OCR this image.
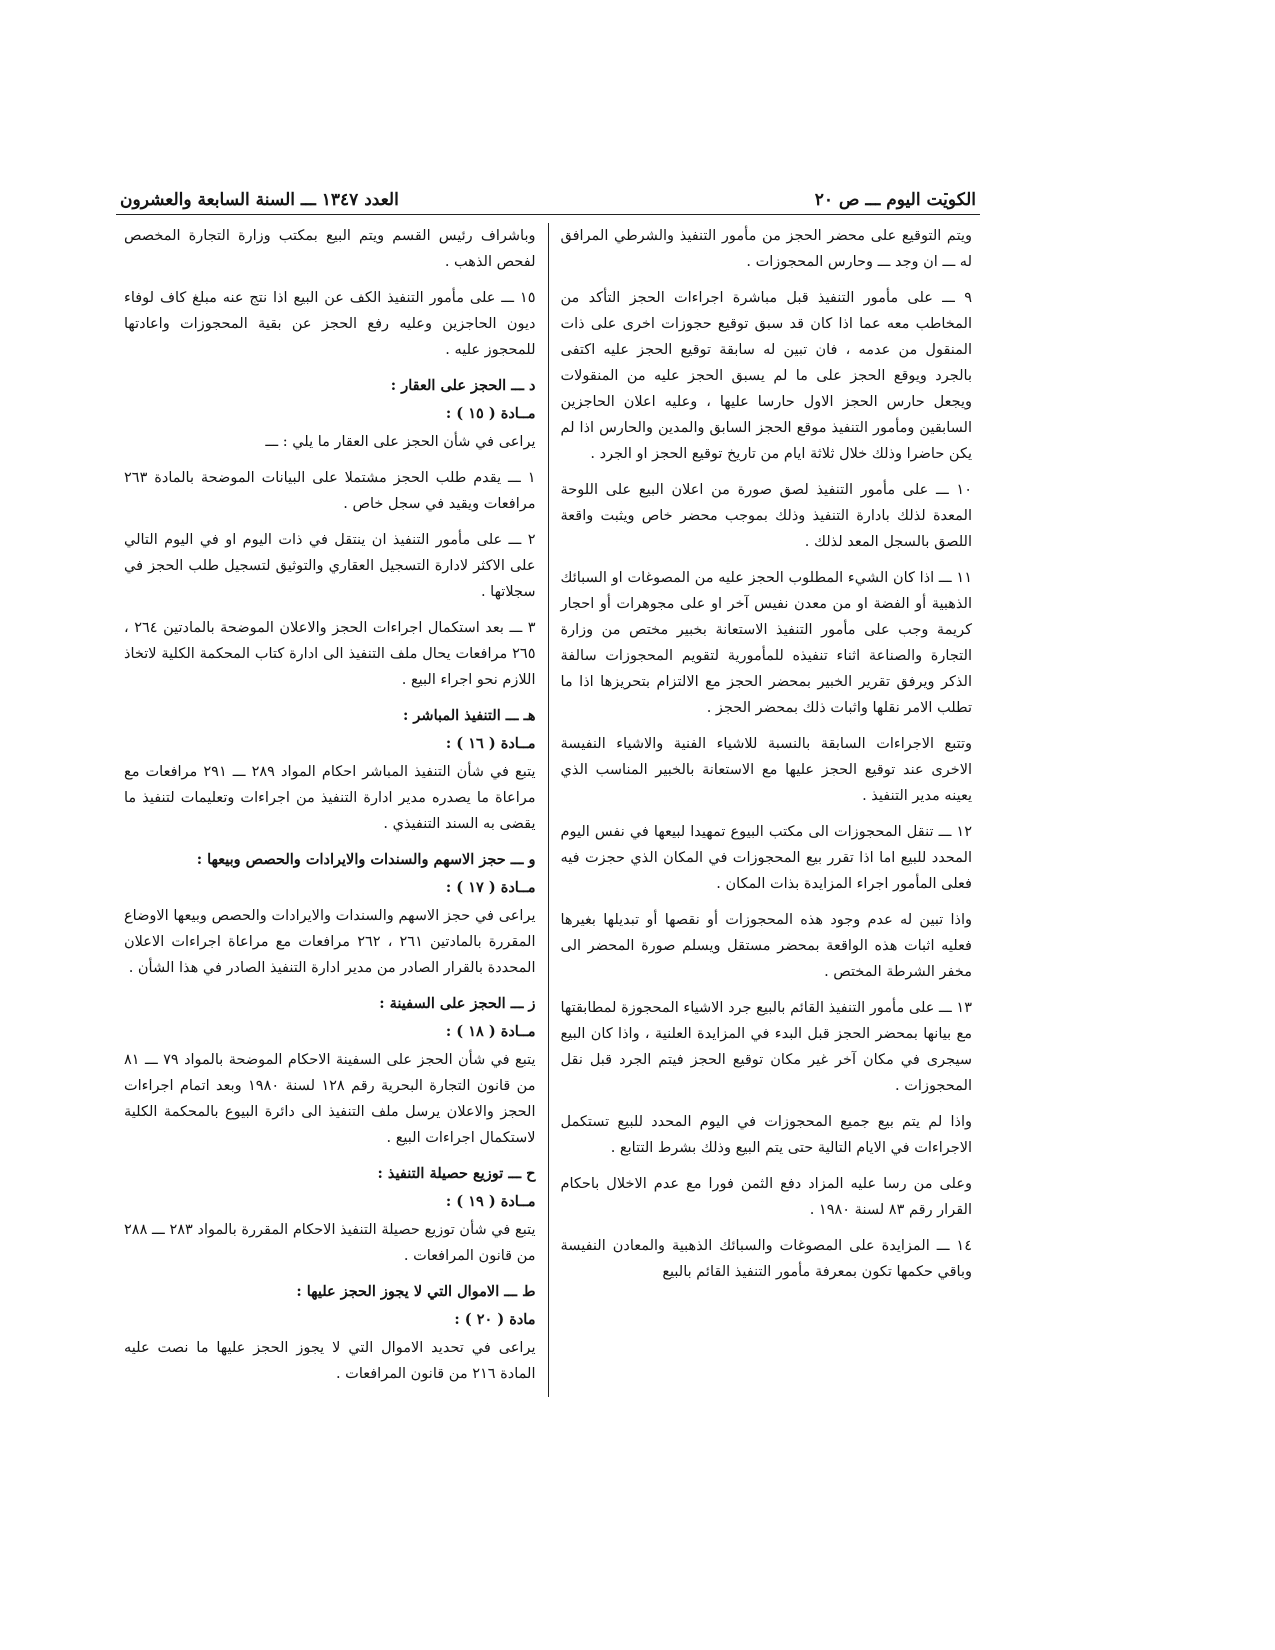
الكويت اليوم ـــ ص ٢٠
العدد ١٣٤٧ ـــ السنة السابعة والعشرون

ويتم التوقيع على محضر الحجز من مأمور التنفيذ والشرطي المرافق له ـــ ان وجد ـــ وحارس المحجوزات .

٩ ـــ على مأمور التنفيذ قبل مباشرة اجراءات الحجز التأكد من المخاطب معه عما اذا كان قد سبق توقيع حجوزات اخرى على ذات المنقول من عدمه ، فان تبين له سابقة توقيع الحجز عليه اكتفى بالجرد ويوقع الحجز على ما لم يسبق الحجز عليه من المنقولات ويجعل حارس الحجز الاول حارسا عليها ، وعليه اعلان الحاجزين السابقين ومأمور التنفيذ موقع الحجز السابق والمدين والحارس اذا لم يكن حاضرا وذلك خلال ثلاثة ايام من تاريخ توقيع الحجز او الجرد .

١٠ ـــ على مأمور التنفيذ لصق صورة من اعلان البيع على اللوحة المعدة لذلك بادارة التنفيذ وذلك بموجب محضر خاص ويثبت واقعة اللصق بالسجل المعد لذلك .

١١ ـــ اذا كان الشيء المطلوب الحجز عليه من المصوغات او السبائك الذهبية أو الفضة او من معدن نفيس آخر او على مجوهرات أو احجار كريمة وجب على مأمور التنفيذ الاستعانة بخبير مختص من وزارة التجارة والصناعة اثناء تنفيذه للمأمورية لتقويم المحجوزات سالفة الذكر ويرفق تقرير الخبير بمحضر الحجز مع الالتزام بتحريزها اذا ما تطلب الامر نقلها واثبات ذلك بمحضر الحجز .

وتتبع الاجراءات السابقة بالنسبة للاشياء الفنية والاشياء النفيسة الاخرى عند توقيع الحجز عليها مع الاستعانة بالخبير المناسب الذي يعينه مدير التنفيذ .

١٢ ـــ تنقل المحجوزات الى مكتب البيوع تمهيدا لبيعها في نفس اليوم المحدد للبيع اما اذا تقرر بيع المحجوزات في المكان الذي حجزت فيه فعلى المأمور اجراء المزايدة بذات المكان .

واذا تبين له عدم وجود هذه المحجوزات أو نقصها أو تبديلها بغيرها فعليه اثبات هذه الواقعة بمحضر مستقل ويسلم صورة المحضر الى مخفر الشرطة المختص .

١٣ ـــ على مأمور التنفيذ القائم بالبيع جرد الاشياء المحجوزة لمطابقتها مع بيانها بمحضر الحجز قبل البدء في المزايدة العلنية ، واذا كان البيع سيجرى في مكان آخر غير مكان توقيع الحجز فيتم الجرد قبل نقل المحجوزات .

واذا لم يتم بيع جميع المحجوزات في اليوم المحدد للبيع تستكمل الاجراءات في الايام التالية حتى يتم البيع وذلك بشرط التتابع .

وعلى من رسا عليه المزاد دفع الثمن فورا مع عدم الاخلال باحكام القرار رقم ٨٣ لسنة ١٩٨٠ .

١٤ ـــ المزايدة على المصوغات والسبائك الذهبية والمعادن النفيسة وباقي حكمها تكون بمعرفة مأمور التنفيذ القائم بالبيع

وباشراف رئيس القسم ويتم البيع بمكتب وزارة التجارة المخصص لفحص الذهب .

١٥ ـــ على مأمور التنفيذ الكف عن البيع اذا نتج عنه مبلغ كاف لوفاء ديون الحاجزين وعليه رفع الحجز عن بقية المحجوزات واعادتها للمحجوز عليه .

د ـــ الحجز على العقار :

مــادة ( ١٥ ) :

يراعى في شأن الحجز على العقار ما يلي : ـــ

١ ـــ يقدم طلب الحجز مشتملا على البيانات الموضحة بالمادة ٢٦٣ مرافعات ويقيد في سجل خاص .

٢ ـــ على مأمور التنفيذ ان ينتقل في ذات اليوم او في اليوم التالي على الاكثر لادارة التسجيل العقاري والتوثيق لتسجيل طلب الحجز في سجلاتها .

٣ ـــ بعد استكمال اجراءات الحجز والاعلان الموضحة بالمادتين ٢٦٤ ، ٢٦٥ مرافعات يحال ملف التنفيذ الى ادارة كتاب المحكمة الكلية لاتخاذ اللازم نحو اجراء البيع .

هـ ـــ التنفيذ المباشر :

مــادة ( ١٦ ) :

يتبع في شأن التنفيذ المباشر احكام المواد ٢٨٩ ـــ ٢٩١ مرافعات مع مراعاة ما يصدره مدير ادارة التنفيذ من اجراءات وتعليمات لتنفيذ ما يقضى به السند التنفيذي .

و ـــ حجز الاسهم والسندات والايرادات والحصص وبيعها :

مــادة ( ١٧ ) :

يراعى في حجز الاسهم والسندات والايرادات والحصص وبيعها الاوضاع المقررة بالمادتين ٢٦١ ، ٢٦٢ مرافعات مع مراعاة اجراءات الاعلان المحددة بالقرار الصادر من مدير ادارة التنفيذ الصادر في هذا الشأن .

ز ـــ الحجز على السفينة :

مــادة ( ١٨ ) :

يتبع في شأن الحجز على السفينة الاحكام الموضحة بالمواد ٧٩ ـــ ٨١ من قانون التجارة البحرية رقم ١٢٨ لسنة ١٩٨٠ وبعد اتمام اجراءات الحجز والاعلان يرسل ملف التنفيذ الى دائرة البيوع بالمحكمة الكلية لاستكمال اجراءات البيع .

ح ـــ توزيع حصيلة التنفيذ :

مــادة ( ١٩ ) :

يتبع في شأن توزيع حصيلة التنفيذ الاحكام المقررة بالمواد ٢٨٣ ـــ ٢٨٨ من قانون المرافعات .

ط ـــ الاموال التي لا يجوز الحجز عليها :

مادة ( ٢٠ ) :

يراعى في تحديد الاموال التي لا يجوز الحجز عليها ما نصت عليه المادة ٢١٦ من قانون المرافعات .
